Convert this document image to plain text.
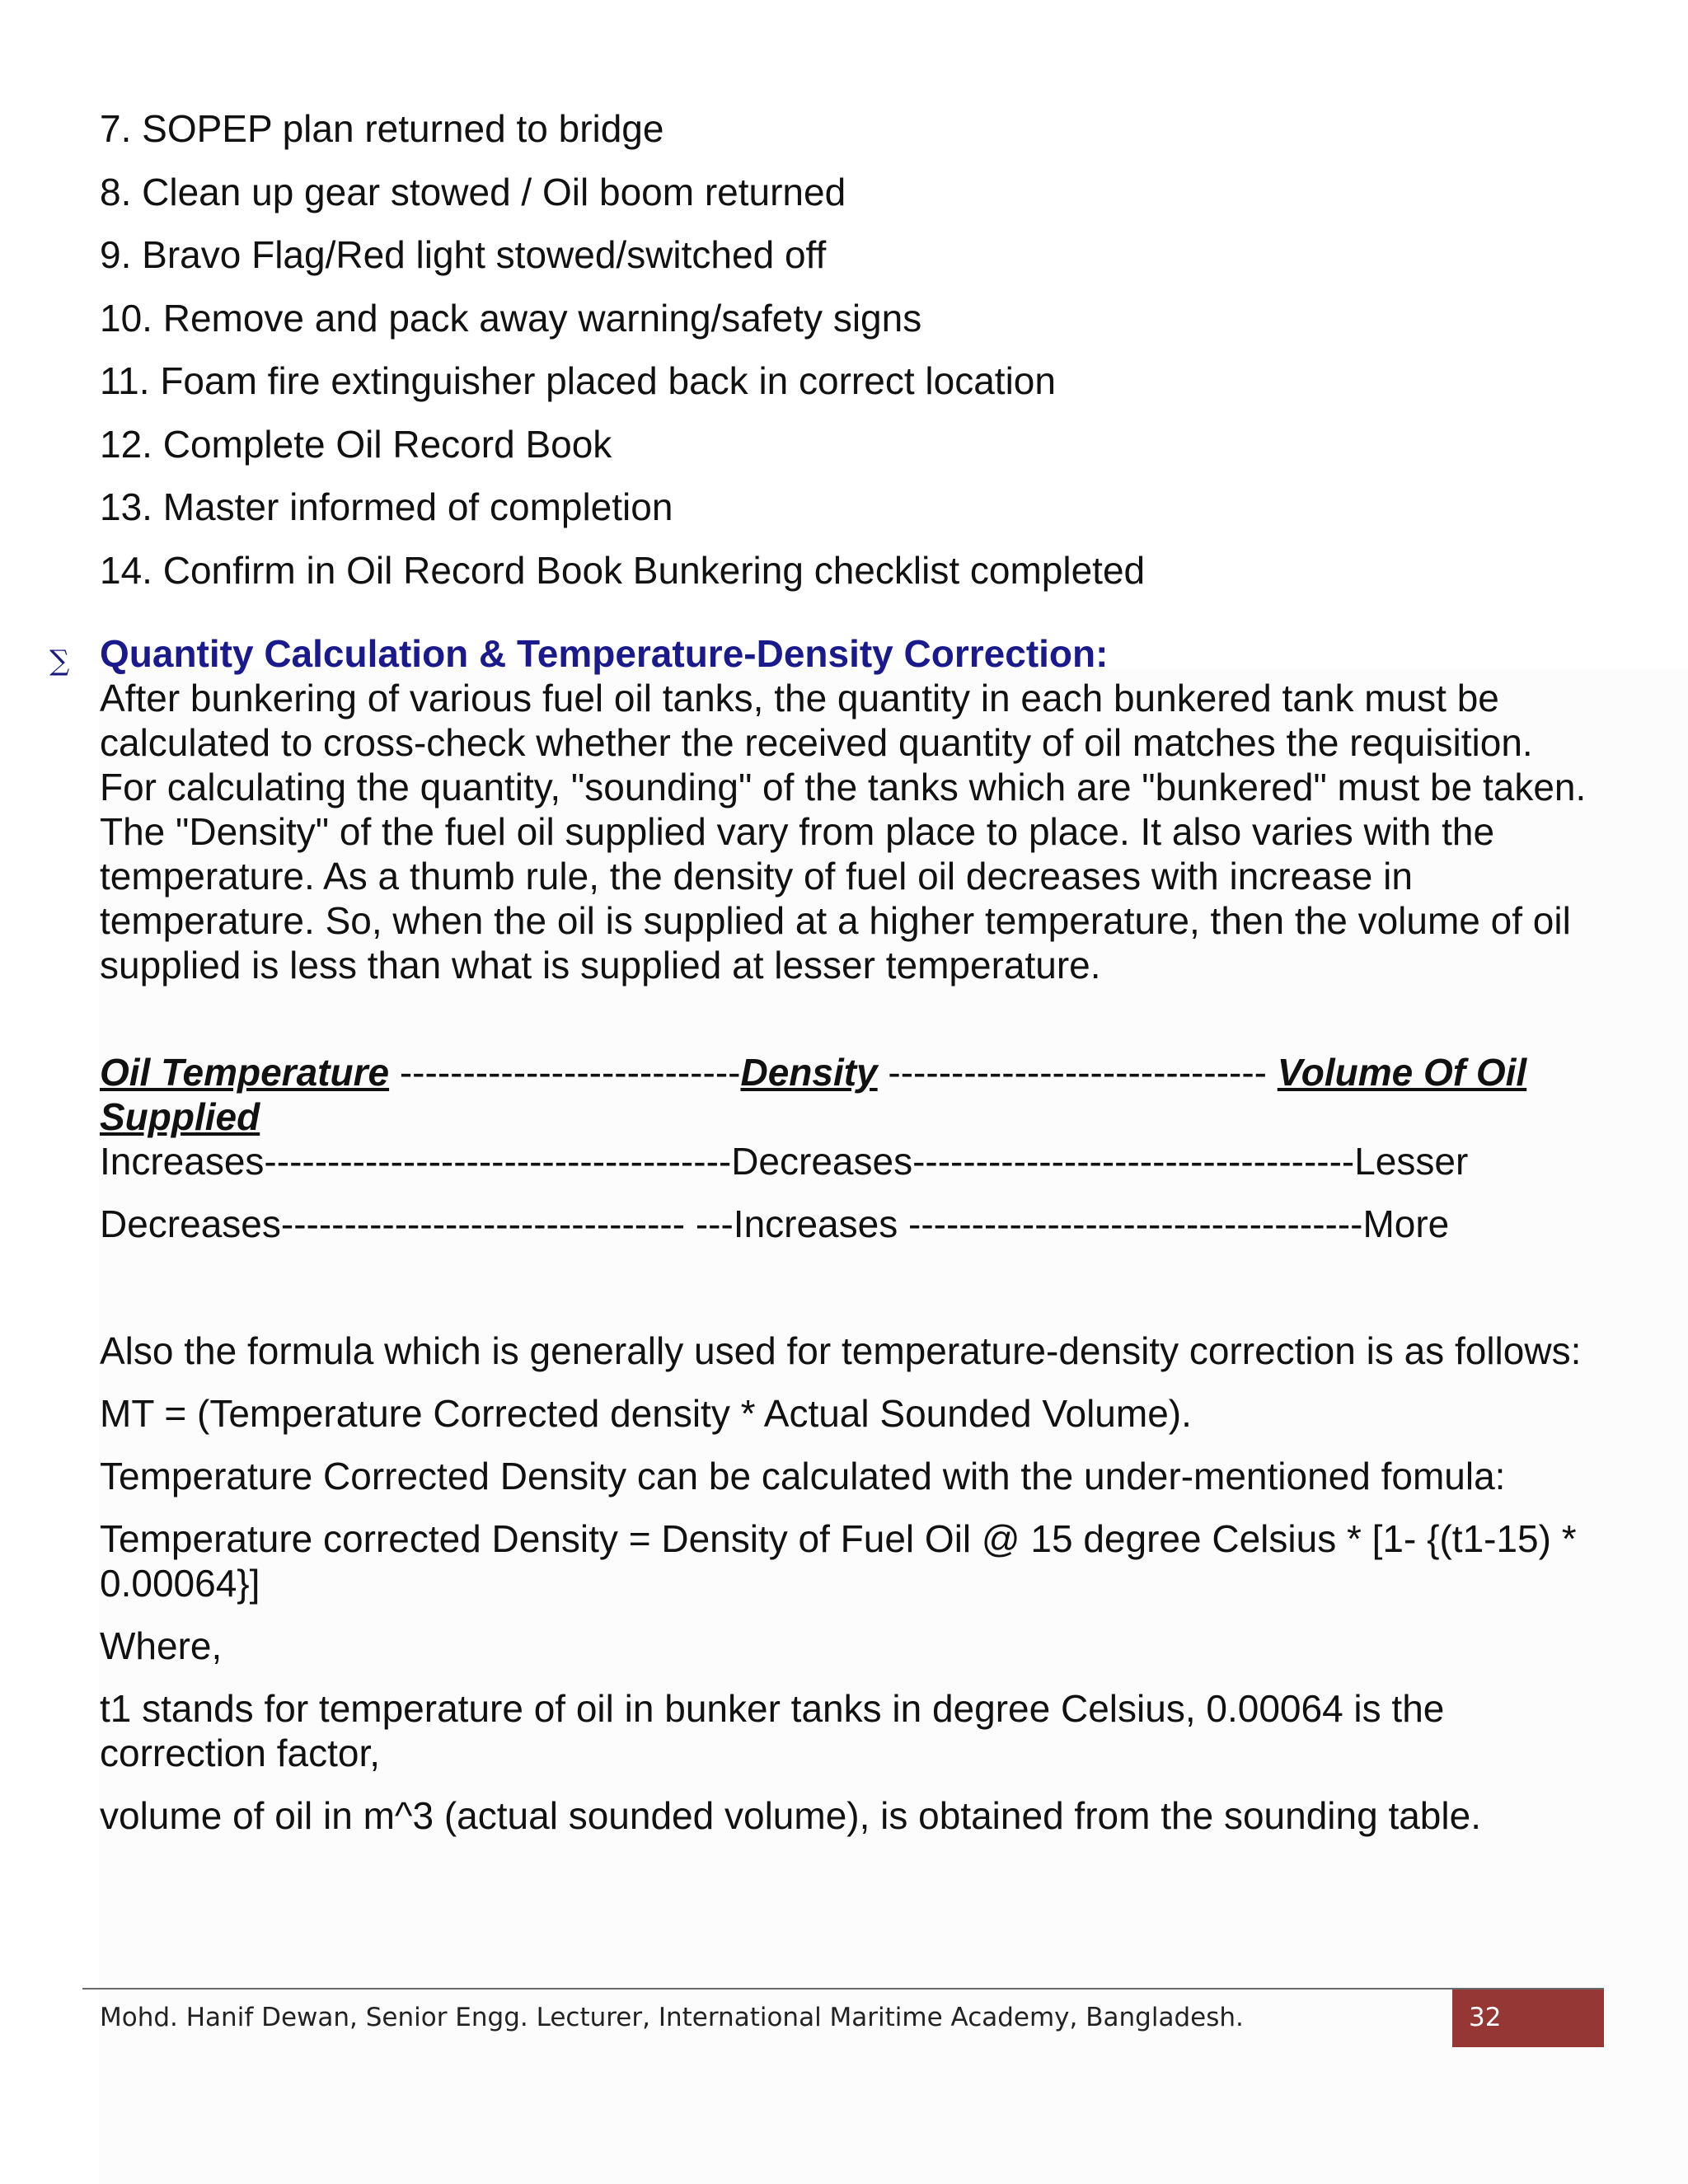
7. SOPEP plan returned to bridge
8. Clean up gear stowed / Oil boom returned
9. Bravo Flag/Red light stowed/switched off
10. Remove and pack away warning/safety signs
11. Foam fire extinguisher placed back in correct location
12. Complete Oil Record Book
13. Master informed of completion
14. Confirm in Oil Record Book Bunkering checklist completed
Quantity Calculation & Temperature-Density Correction:

After bunkering of various fuel oil tanks, the quantity in each bunkered tank must be calculated to cross-check whether the received quantity of oil matches the requisition. For calculating the quantity, "sounding" of the tanks which are "bunkered" must be taken. The "Density" of the fuel oil supplied vary from place to place. It also varies with the temperature. As a thumb rule, the density of fuel oil decreases with increase in temperature. So, when the oil is supplied at a higher temperature, then the volume of oil supplied is less than what is supplied at lesser temperature.

Oil Temperature ---------------------------Density ------------------------------ Volume Of Oil Supplied
Increases-------------------------------------Decreases-----------------------------------Lesser
Decreases-------------------------------- ---Increases ------------------------------------More

Also the formula which is generally used for temperature-density correction is as follows:

MT = (Temperature Corrected density * Actual Sounded Volume).

Temperature Corrected Density can be calculated with the under-mentioned fomula:

Temperature corrected Density = Density of Fuel Oil @ 15 degree Celsius * [1- {(t1-15) * 0.00064}]

Where,

t1 stands for temperature of oil in bunker tanks in degree Celsius, 0.00064 is the correction factor,

volume of oil in m^3 (actual sounded volume), is obtained from the sounding table.

∑
Mohd. Hanif Dewan, Senior Engg. Lecturer, International Maritime Academy, Bangladesh.	32
